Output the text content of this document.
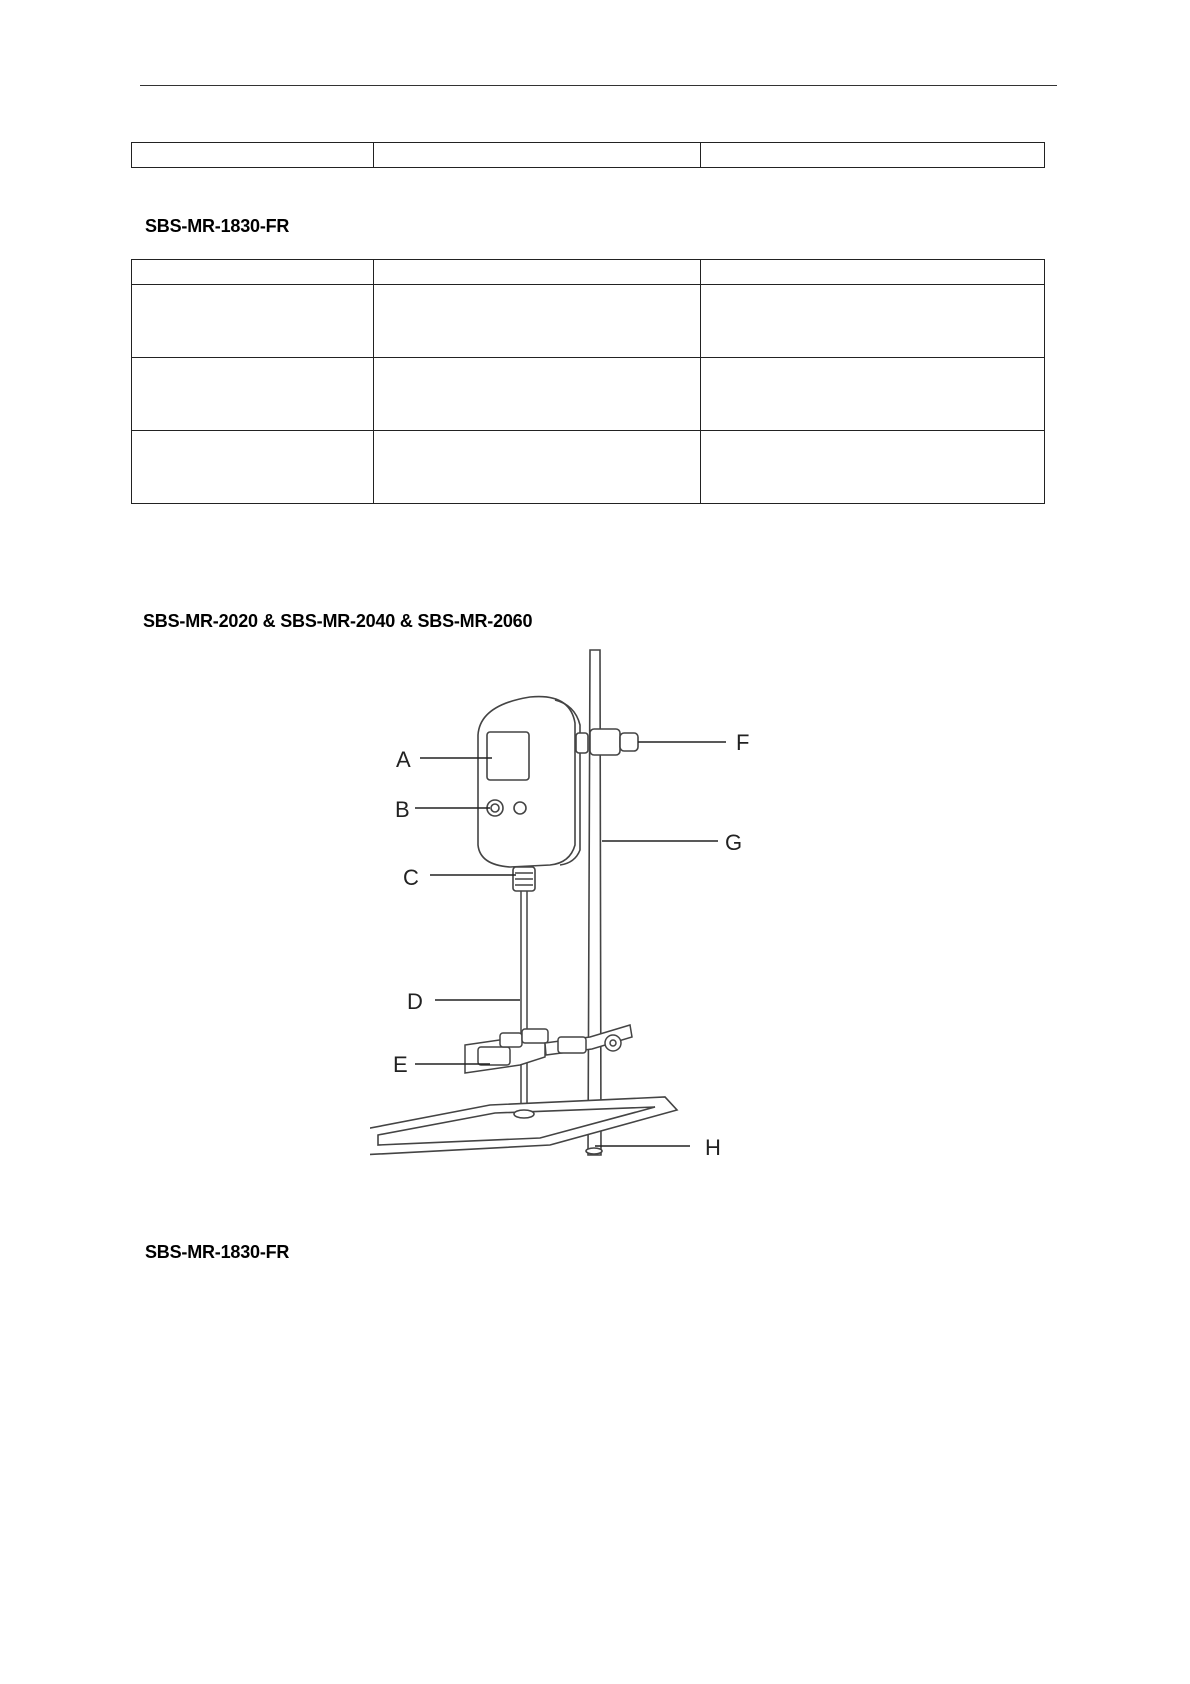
SBS-MR-1830-FR

SBS-MR-2020 & SBS-MR-2040 & SBS-MR-2060
A
B
C
D
E
F
G
H
SBS-MR-1830-FR
